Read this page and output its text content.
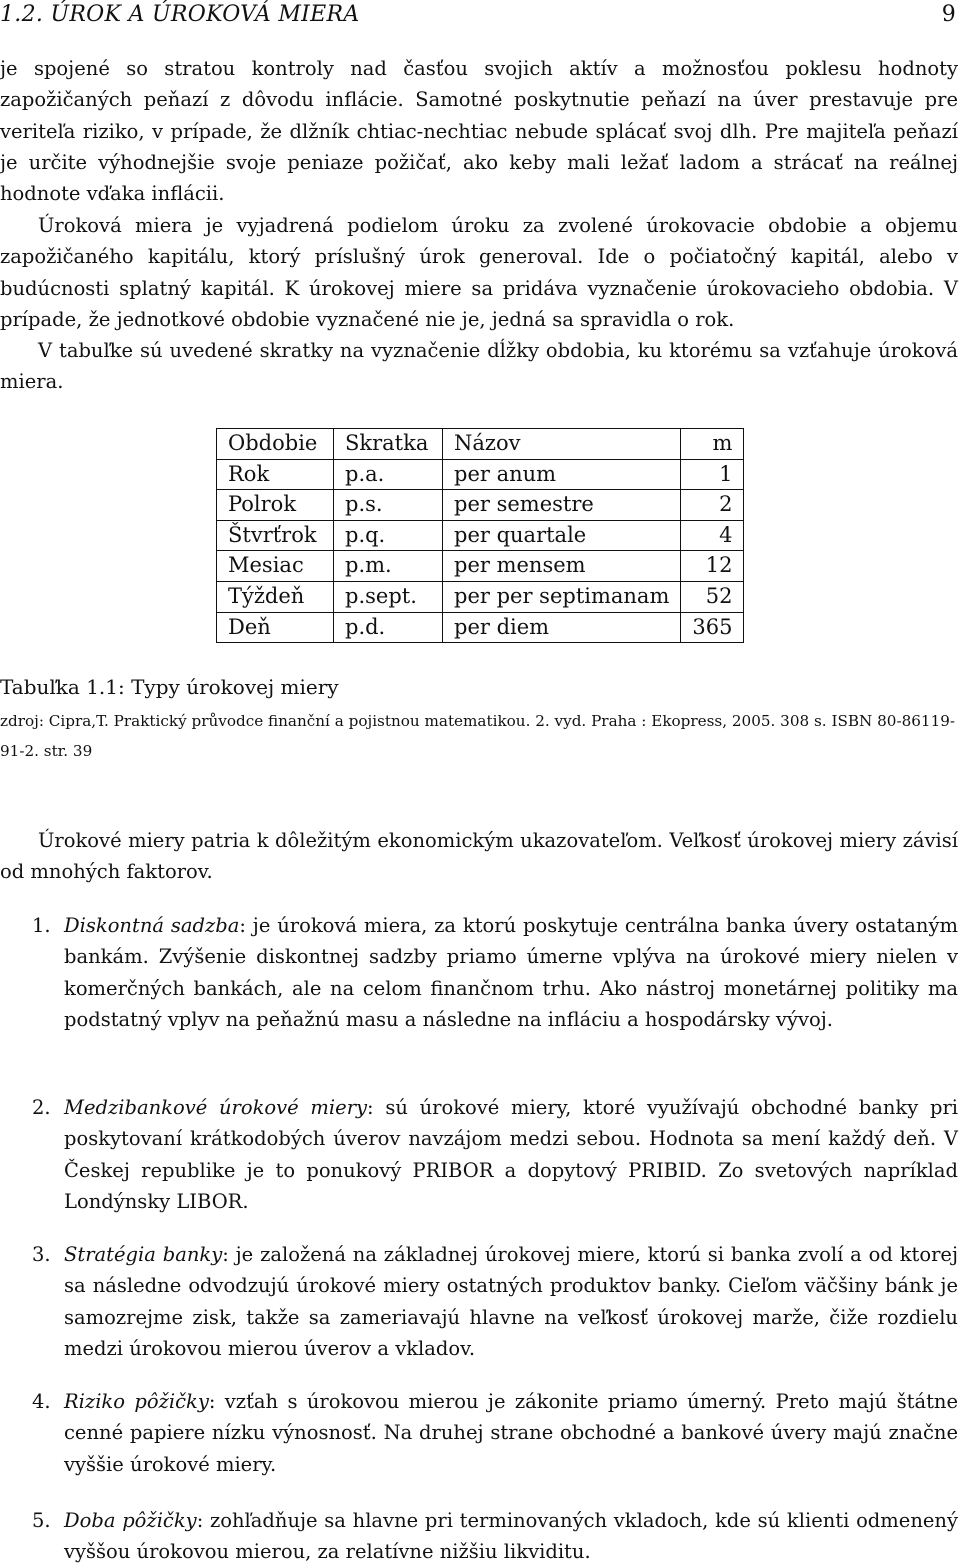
1.2. ÚROK A ÚROKOVÁ MIERA	9
je spojené so stratou kontroly nad časťou svojich aktív a možnosťou poklesu hodnoty zapožičaných peňazí z dôvodu inflácie. Samotné poskytnutie peňazí na úver prestavuje pre veriteľa riziko, v prípade, že dlžník chtiac-nechtiac nebude splácať svoj dlh. Pre majiteľa peňazí je určite výhodnejšie svoje peniaze požičať, ako keby mali ležať ladom a strácať na reálnej hodnote vďaka inflácii.
Úroková miera je vyjadrená podielom úroku za zvolené úrokovacie obdobie a objemu zapožičaného kapitálu, ktorý príslušný úrok generoval. Ide o počiatočný kapitál, alebo v budúcnosti splatný kapitál. K úrokovej miere sa pridáva vyznačenie úrokovacieho obdobia. V prípade, že jednotkové obdobie vyznačené nie je, jedná sa spravidla o rok.
V tabuľke sú uvedené skratky na vyznačenie dĺžky obdobia, ku ktorému sa vzťahuje úroková miera.
Obdobie	Skratka	Názov	m
Rok	p.a.	per anum	1
Polrok	p.s.	per semestre	2
Štvrťrok	p.q.	per quartale	4
Mesiac	p.m.	per mensem	12
Týždeň	p.sept.	per per septimanam	52
Deň	p.d.	per diem	365
Tabuľka 1.1: Typy úrokovej miery
zdroj: Cipra,T. Praktický průvodce finanční a pojistnou matematikou. 2. vyd. Praha : Ekopress, 2005. 308 s. ISBN 80-86119-91-2. str. 39
Úrokové miery patria k dôležitým ekonomickým ukazovateľom. Veľkosť úrokovej miery závisí od mnohých faktorov.
1. Diskontná sadzba: je úroková miera, za ktorú poskytuje centrálna banka úvery ostataným bankám. Zvýšenie diskontnej sadzby priamo úmerne vplýva na úrokové miery nielen v komerčných bankách, ale na celom finančnom trhu. Ako nástroj monetárnej politiky ma podstatný vplyv na peňažnú masu a následne na infláciu a hospodársky vývoj.
2. Medzibankové úrokové miery: sú úrokové miery, ktoré využívajú obchodné banky pri poskytovaní krátkodobých úverov navzájom medzi sebou. Hodnota sa mení každý deň. V Českej republike je to ponukový PRIBOR a dopytový PRIBID. Zo svetových napríklad Londýnsky LIBOR.
3. Stratégia banky: je založená na základnej úrokovej miere, ktorú si banka zvolí a od ktorej sa následne odvodzujú úrokové miery ostatných produktov banky. Cieľom väčšiny bánk je samozrejme zisk, takže sa zameriavajú hlavne na veľkosť úrokovej marže, čiže rozdielu medzi úrokovou mierou úverov a vkladov.
4. Riziko pôžičky: vzťah s úrokovou mierou je zákonite priamo úmerný. Preto majú štátne cenné papiere nízku výnosnosť. Na druhej strane obchodné a bankové úvery majú značne vyššie úrokové miery.
5. Doba pôžičky: zohľadňuje sa hlavne pri terminovaných vkladoch, kde sú klienti odmenený vyššou úrokovou mierou, za relatívne nižšiu likviditu.
